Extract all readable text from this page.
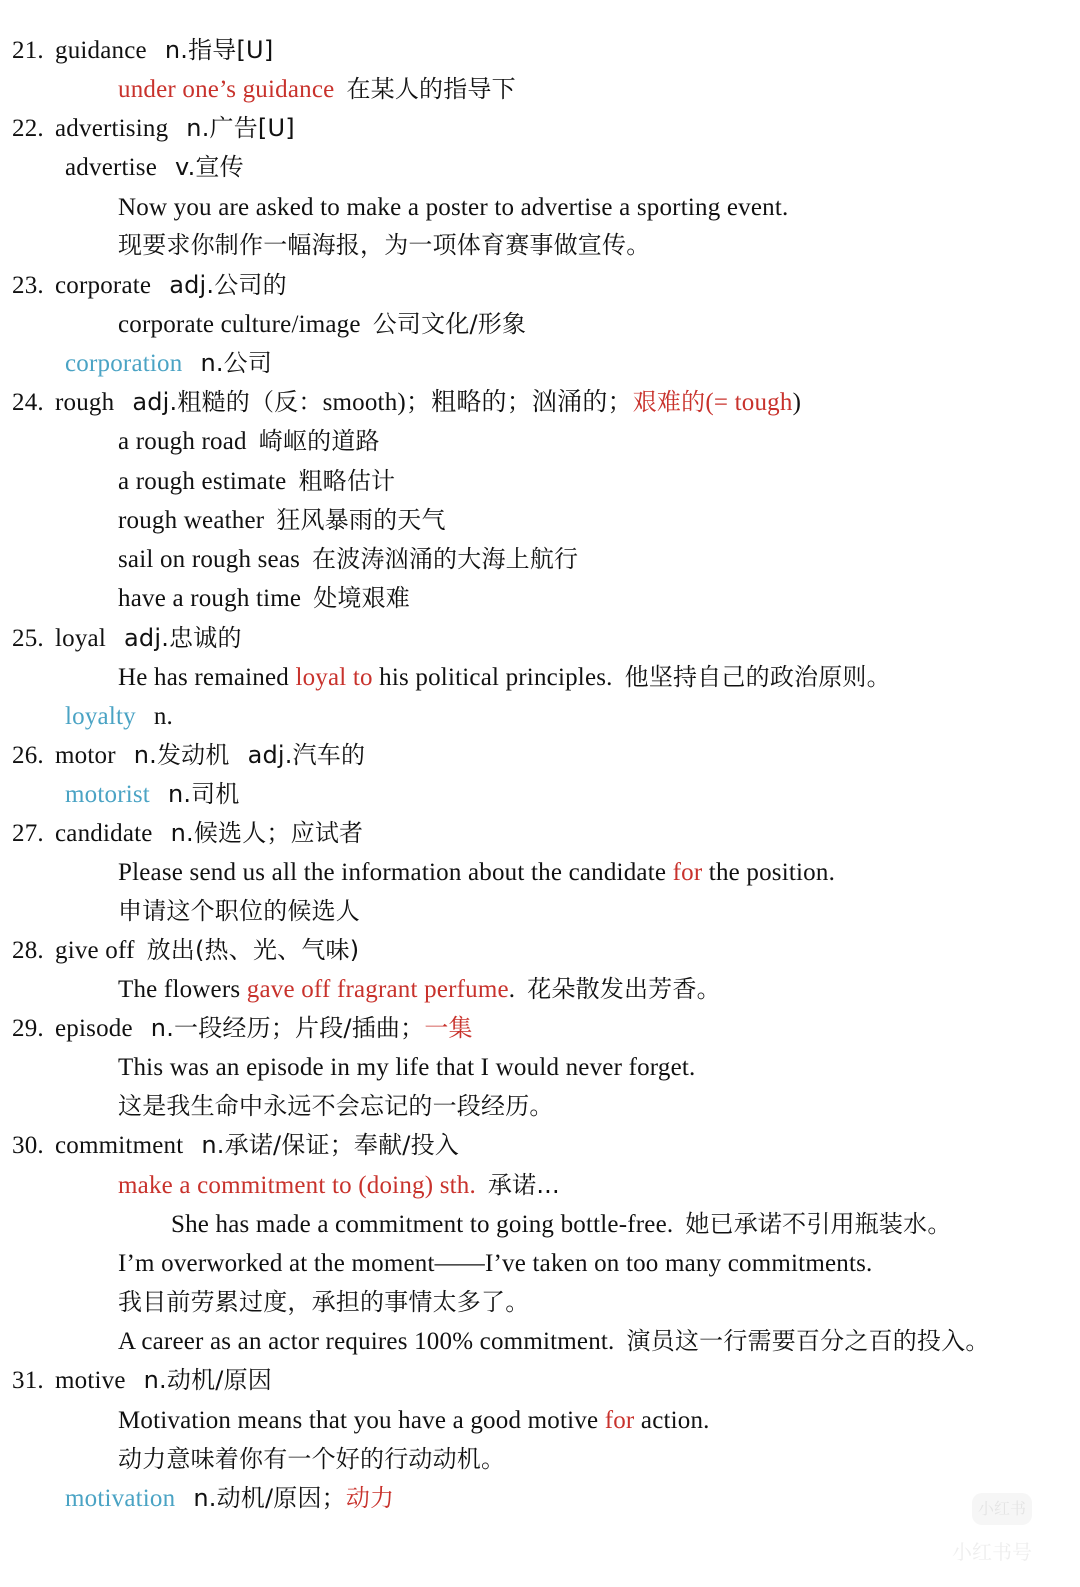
21. guidance n.指导[U]
under one’s guidance 在某人的指导下
22. advertising n.广告[U]
advertise v.宣传
Now you are asked to make a poster to advertise a sporting event.
现要求你制作一幅海报，为一项体育赛事做宣传。
23. corporate adj.公司的
corporate culture/image 公司文化/形象
corporation n.公司
24. rough adj.粗糙的（反：smooth)；粗略的；汹涌的；艰难的(= tough)
a rough road 崎岖的道路
a rough estimate 粗略估计
rough weather 狂风暴雨的天气
sail on rough seas 在波涛汹涌的大海上航行
have a rough time 处境艰难
25. loyal adj.忠诚的
He has remained loyal to his political principles. 他坚持自己的政治原则。
loyalty n.
26. motor n.发动机 adj.汽车的
motorist n.司机
27. candidate n.候选人；应试者
Please send us all the information about the candidate for the position.
申请这个职位的候选人
28. give off 放出(热、光、气味)
The flowers gave off fragrant perfume. 花朵散发出芳香。
29. episode n.一段经历；片段/插曲；一集
This was an episode in my life that I would never forget.
这是我生命中永远不会忘记的一段经历。
30. commitment n.承诺/保证；奉献/投入
make a commitment to (doing) sth. 承诺...
She has made a commitment to going bottle-free. 她已承诺不引用瓶装水。
I’m overworked at the moment——I’ve taken on too many commitments.
我目前劳累过度，承担的事情太多了。
A career as an actor requires 100% commitment. 演员这一行需要百分之百的投入。
31. motive n.动机/原因
Motivation means that you have a good motive for action.
动力意味着你有一个好的行动动机。
motivation n.动机/原因；动力	小红书
小红书号
